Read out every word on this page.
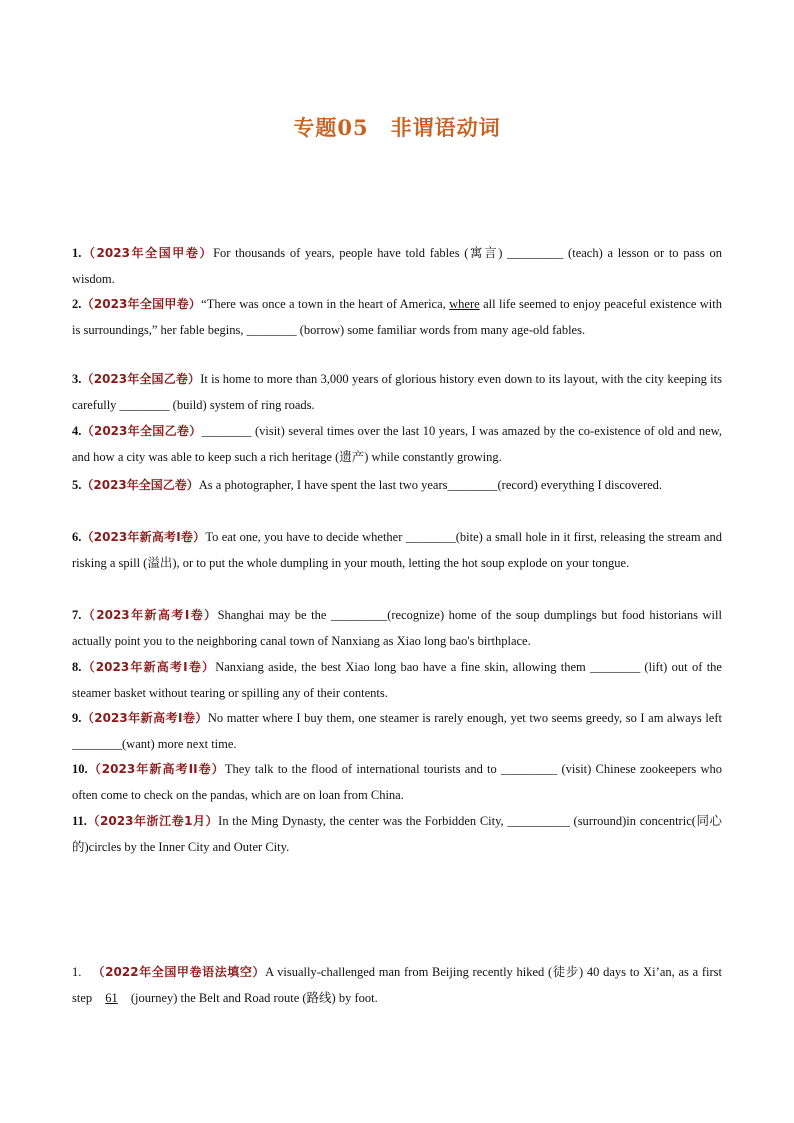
专题05　非谓语动词
1.（2023年全国甲卷）For thousands of years, people have told fables (寓言) _________ (teach) a lesson or to pass on wisdom.
2.（2023年全国甲卷）“There was once a town in the heart of America, where all life seemed to enjoy peaceful existence with is surroundings,” her fable begins, ________ (borrow) some familiar words from many age-old fables.
3.（2023年全国乙卷）It is home to more than 3,000 years of glorious history even down to its layout, with the city keeping its carefully ________ (build) system of ring roads.
4.（2023年全国乙卷）________ (visit) several times over the last 10 years, I was amazed by the co-existence of old and new, and how a city was able to keep such a rich heritage (遗产) while constantly growing.
5.（2023年全国乙卷）As a photographer, I have spent the last two years________(record) everything I discovered.
6.（2023年新高考I卷）To eat one, you have to decide whether ________(bite) a small hole in it first, releasing the stream and risking a spill (溢出), or to put the whole dumpling in your mouth, letting the hot soup explode on your tongue.
7.（2023年新高考I卷）Shanghai may be the _________(recognize) home of the soup dumplings but food historians will actually point you to the neighboring canal town of Nanxiang as Xiao long bao's birthplace.
8.（2023年新高考I卷）Nanxiang aside, the best Xiao long bao have a fine skin, allowing them ________ (lift) out of the steamer basket without tearing or spilling any of their contents.
9.（2023年新高考I卷）No matter where I buy them, one steamer is rarely enough, yet two seems greedy, so I am always left ________(want) more next time.
10.（2023年新高考II卷）They talk to the flood of international tourists and to _________ (visit) Chinese zookeepers who often come to check on the pandas, which are on loan from China.
11.（2023年浙江卷1月）In the Ming Dynasty, the center was the Forbidden City, __________ (surround)in concentric(同心的)circles by the Inner City and Outer City.
1. （2022年全国甲卷语法填空）A visually-challenged man from Beijing recently hiked (徒步) 40 days to Xi’an, as a first step 61 (journey) the Belt and Road route (路线) by foot.
